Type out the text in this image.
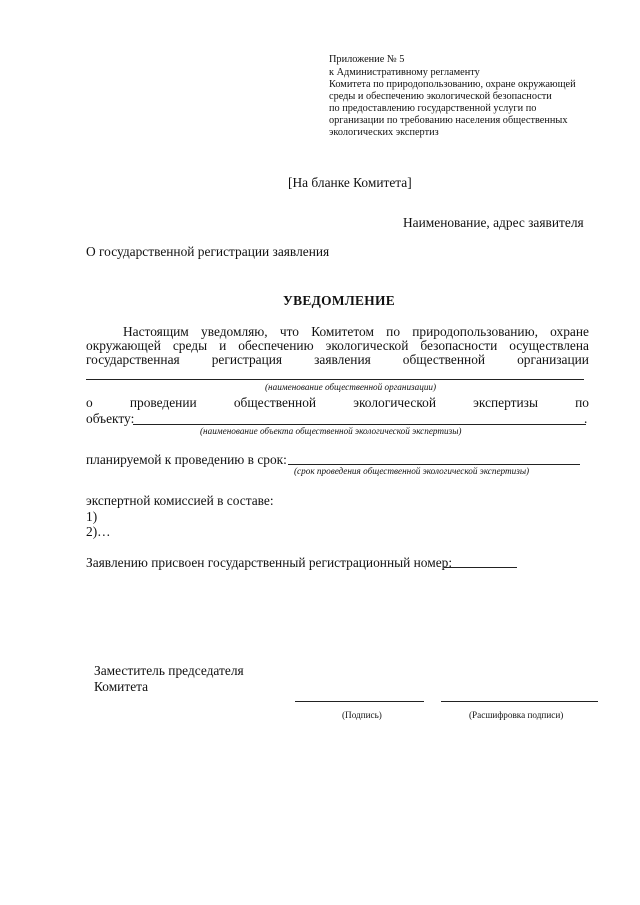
Приложение № 5
к Административному регламенту
Комитета по природопользованию, охране окружающей
среды и обеспечению экологической безопасности
по предоставлению государственной услуги по
организации по требованию населения общественных
экологических экспертиз
[На бланке Комитета]
Наименование, адрес заявителя
О государственной регистрации заявления
УВЕДОМЛЕНИЕ
Настоящим уведомляю, что Комитетом по природопользованию, охране
окружающей среды и обеспечению экологической безопасности осуществлена
государственная регистрация заявления общественной организации
(наименование общественной организации)
о	проведении	общественной	экологической	экспертизы	по
объекту:	.
(наименование объекта общественной экологической экспертизы)
планируемой к проведению в срок:
(срок проведения общественной экологической экспертизы)
экспертной комиссией в составе:
1)
2)…
Заявлению присвоен государственный регистрационный номер:
Заместитель председателя
Комитета
(Подпись)	(Расшифровка подписи)
